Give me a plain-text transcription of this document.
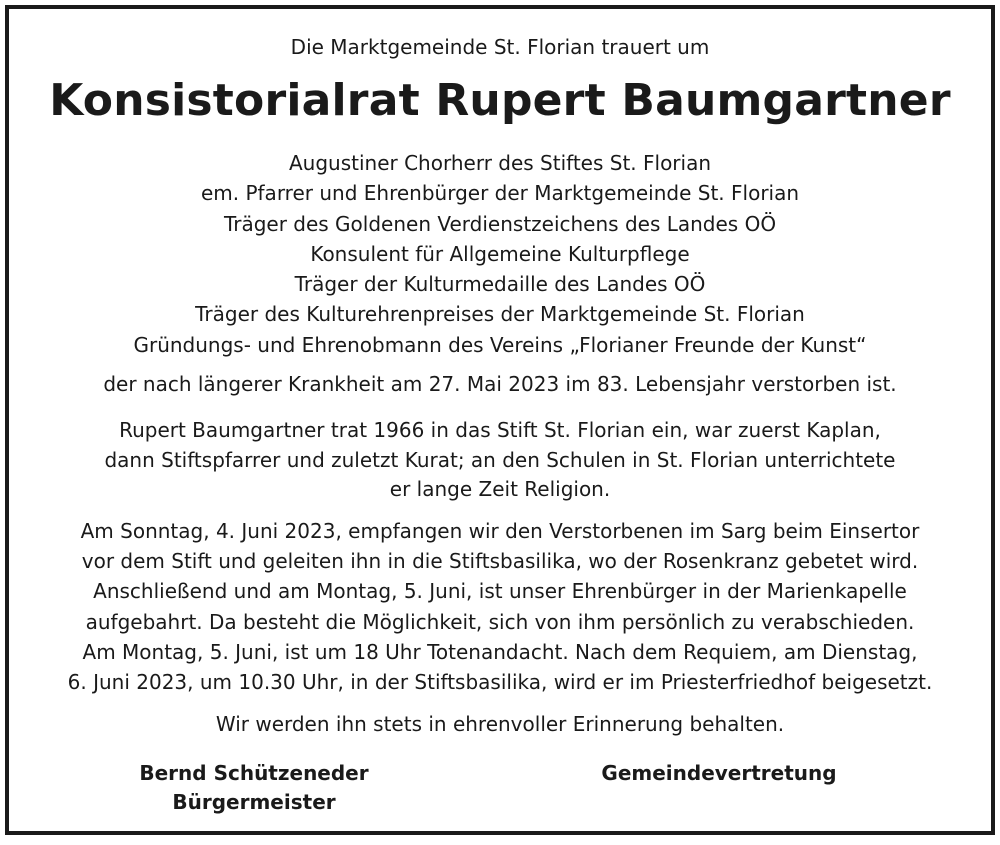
Die Marktgemeinde St. Florian trauert um
Konsistorialrat Rupert Baumgartner
Augustiner Chorherr des Stiftes St. Florian
em. Pfarrer und Ehrenbürger der Marktgemeinde St. Florian
Träger des Goldenen Verdienstzeichens des Landes OÖ
Konsulent für Allgemeine Kulturpflege
Träger der Kulturmedaille des Landes OÖ
Träger des Kulturehrenpreises der Marktgemeinde St. Florian
Gründungs- und Ehrenobmann des Vereins „Florianer Freunde der Kunst“
der nach längerer Krankheit am 27. Mai 2023 im 83. Lebensjahr verstorben ist.
Rupert Baumgartner trat 1966 in das Stift St. Florian ein, war zuerst Kaplan,
dann Stiftspfarrer und zuletzt Kurat; an den Schulen in St. Florian unterrichtete
er lange Zeit Religion.
Am Sonntag, 4. Juni 2023, empfangen wir den Verstorbenen im Sarg beim Einsertor
vor dem Stift und geleiten ihn in die Stiftsbasilika, wo der Rosenkranz gebetet wird.
Anschließend und am Montag, 5. Juni, ist unser Ehrenbürger in der Marienkapelle
aufgebahrt. Da besteht die Möglichkeit, sich von ihm persönlich zu verabschieden.
Am Montag, 5. Juni, ist um 18 Uhr Totenandacht. Nach dem Requiem, am Dienstag,
6. Juni 2023, um 10.30 Uhr, in der Stiftsbasilika, wird er im Priesterfriedhof beigesetzt.
Wir werden ihn stets in ehrenvoller Erinnerung behalten.
Bernd Schützeneder
Bürgermeister
Gemeindevertretung
